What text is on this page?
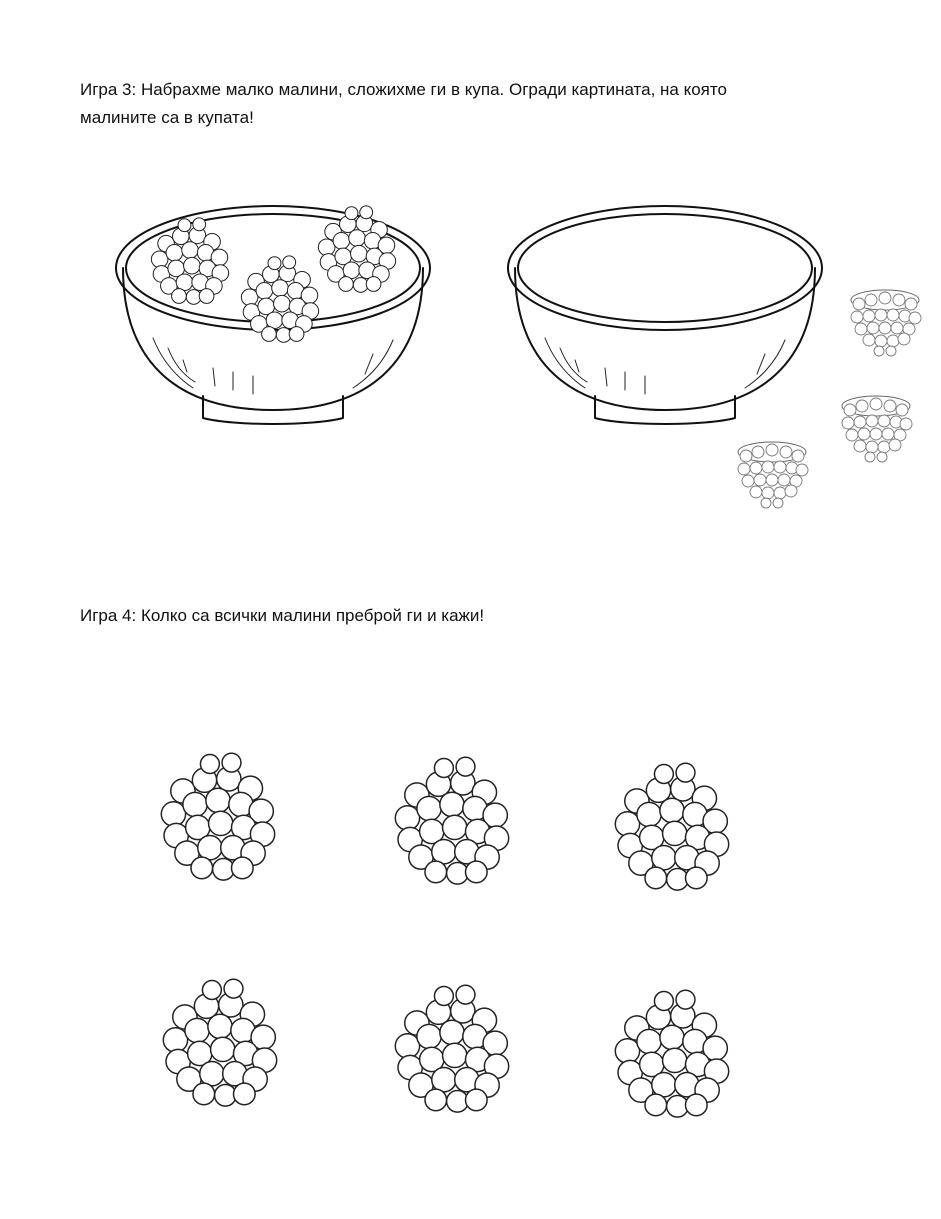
Игра 3: Набрахме малко малини, сложихме ги в купа. Огради картината, на която
малините са в купата!
Игра 4: Колко са всички малини преброй ги и кажи!
